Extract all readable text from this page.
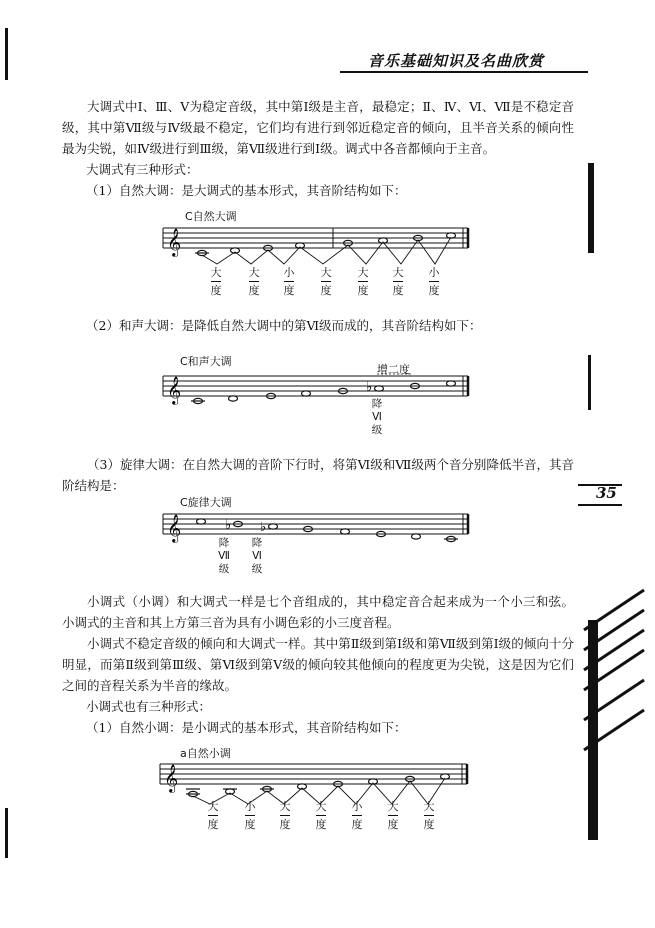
音乐基础知识及名曲欣赏
35

大调式中Ⅰ、Ⅲ、Ⅴ为稳定音级，其中第Ⅰ级是主音，最稳定；Ⅱ、Ⅳ、Ⅵ、Ⅶ是不稳定音级，其中第Ⅶ级与Ⅳ级最不稳定，它们均有进行到邻近稳定音的倾向，且半音关系的倾向性最为尖锐，如Ⅳ级进行到Ⅲ级，第Ⅶ级进行到Ⅰ级。调式中各音都倾向于主音。

大调式有三种形式：
（1）自然大调：是大调式的基本形式，其音阶结构如下：
C自然大调
𝄞
大
度
大
度
小
度
大
度
大
度
大
度
小
度
（2）和声大调：是降低自然大调中的第Ⅵ级而成的，其音阶结构如下：
C和声大调
增二度
𝄞	♭
降
Ⅵ
级

（3）旋律大调：在自然大调的音阶下行时，将第Ⅵ级和Ⅶ级两个音分别降低半音，其音阶结构是：

C旋律大调
𝄞	♭ ♭
降
Ⅶ
级
降
Ⅵ
级

小调式（小调）和大调式一样是七个音组成的，其中稳定音合起来成为一个小三和弦。小调式的主音和其上方第三音为具有小调色彩的小三度音程。

小调式不稳定音级的倾向和大调式一样。其中第Ⅱ级到第Ⅰ级和第Ⅶ级到第Ⅰ级的倾向十分明显，而第Ⅱ级到第Ⅲ级、第Ⅵ级到第Ⅴ级的倾向较其他倾向的程度更为尖锐，这是因为它们之间的音程关系为半音的缘故。

小调式也有三种形式：
（1）自然小调：是小调式的基本形式，其音阶结构如下：
a自然小调
𝄞
大
度
小
度
大
度
大
度
小
度
大
度
大
度
